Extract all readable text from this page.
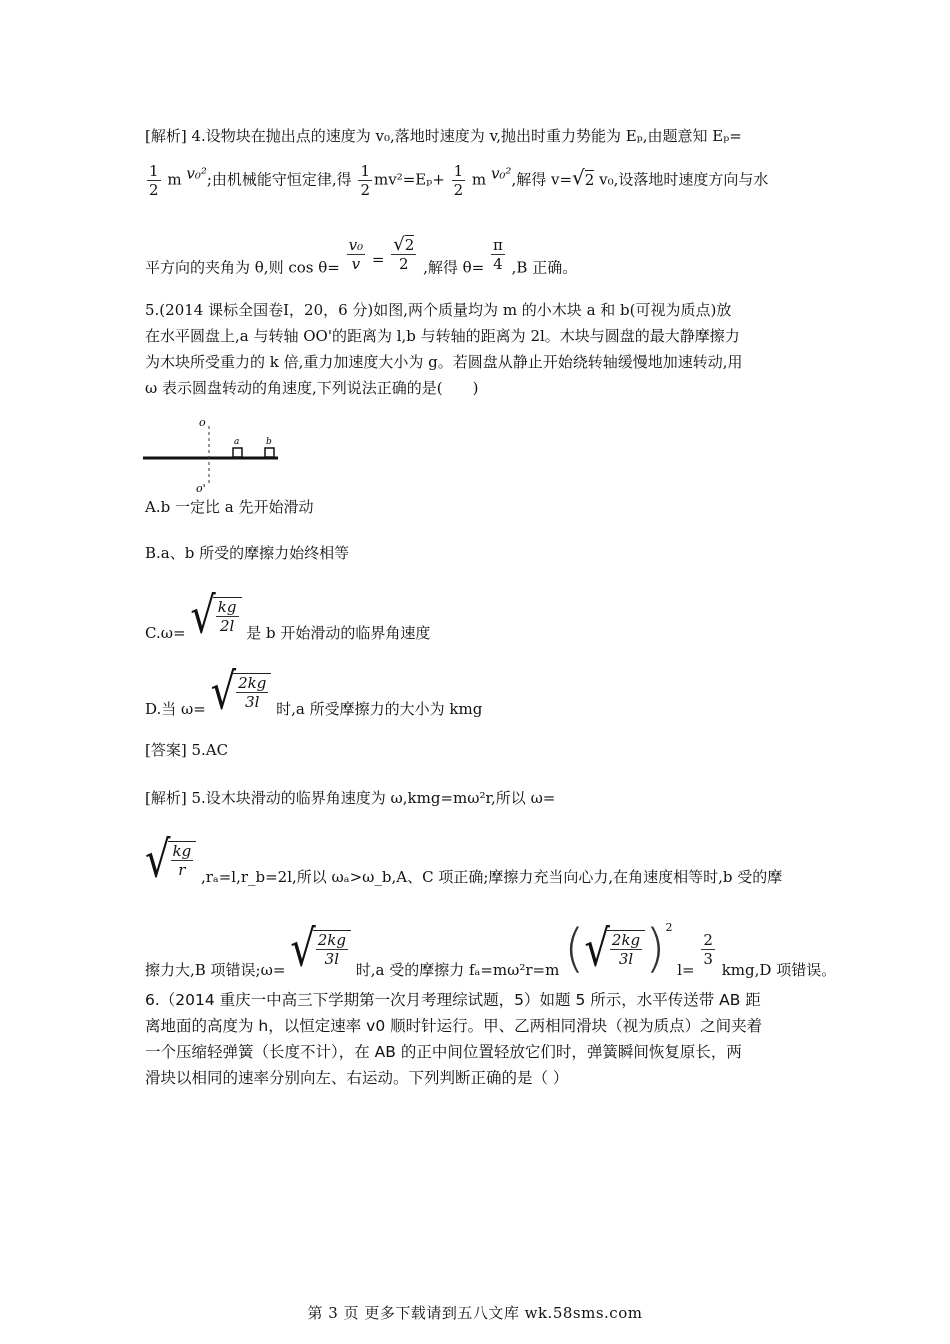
[解析] 4.设物块在抛出点的速度为 v₀,落地时速度为 v,抛出时重力势能为 Eₚ,由题意知 Eₚ=
$\frac{1}{2}$ m v₀²;由机械能守恒定律,得 $\frac{1}{2} mv^2=E_p+ \frac{1}{2}$ m v₀²,解得 v=√2 v₀,设落地时速度方向与水
平方向的夹角为 θ,则 $\cos \theta= \frac{\text{v₀}}{v} = \frac{√2}{2}$ ,解得 $\theta= \frac{\pi}{4} ,B$ 正确。
5.(2014 课标全国卷Ⅰ，20，6 分)如图,两个质量均为 m 的小木块 a 和 b(可视为质点)放
在水平圆盘上,a 与转轴 OO'的距离为 l,b 与转轴的距离为 2l。木块与圆盘的最大静摩擦力
为木块所受重力的 k 倍,重力加速度大小为 g。若圆盘从静止开始绕转轴缓慢地加速转动,用
ω 表示圆盘转动的角速度,下列说法正确的是(　　)
o
o'
a	b
A.b 一定比 a 先开始滑动
B.a、b 所受的摩擦力始终相等
C.ω= √ $\frac{kg}{2l}$ 是 b 开始滑动的临界角速度
D.当 ω= √ $\frac{2kg}{3l}$ 时,a 所受摩擦力的大小为 kmg
[答案] 5.AC
[解析] 5.设木块滑动的临界角速度为 ω,kmg=mω²r,所以 ω=
√ $\frac{kg}{r}$ ,rₐ=l,r_b=2l,所以 ωₐ>ω_b,A、C 项正确;摩擦力充当向心力,在角速度相等时,b 受的摩
擦力大,B 项错误;ω= √ $\frac{2kg}{3l}$
时,a 受的摩擦力 fₐ=mω²r=m (√ $\frac{2kg}{3l} )^2$ l=
$\frac{2}{3}$
kmg,D 项错误。
6.（2014 重庆一中高三下学期第一次月考理综试题，5）如题 5 所示，水平传送带 AB 距
离地面的高度为 h，以恒定速率 v0 顺时针运行。甲、乙两相同滑块（视为质点）之间夹着
一个压缩轻弹簧（长度不计），在 AB 的正中间位置轻放它们时，弹簧瞬间恢复原长，两
滑块以相同的速率分别向左、右运动。下列判断正确的是（ ）
第 3 页 更多下载请到五八文库 wk.58sms.com
